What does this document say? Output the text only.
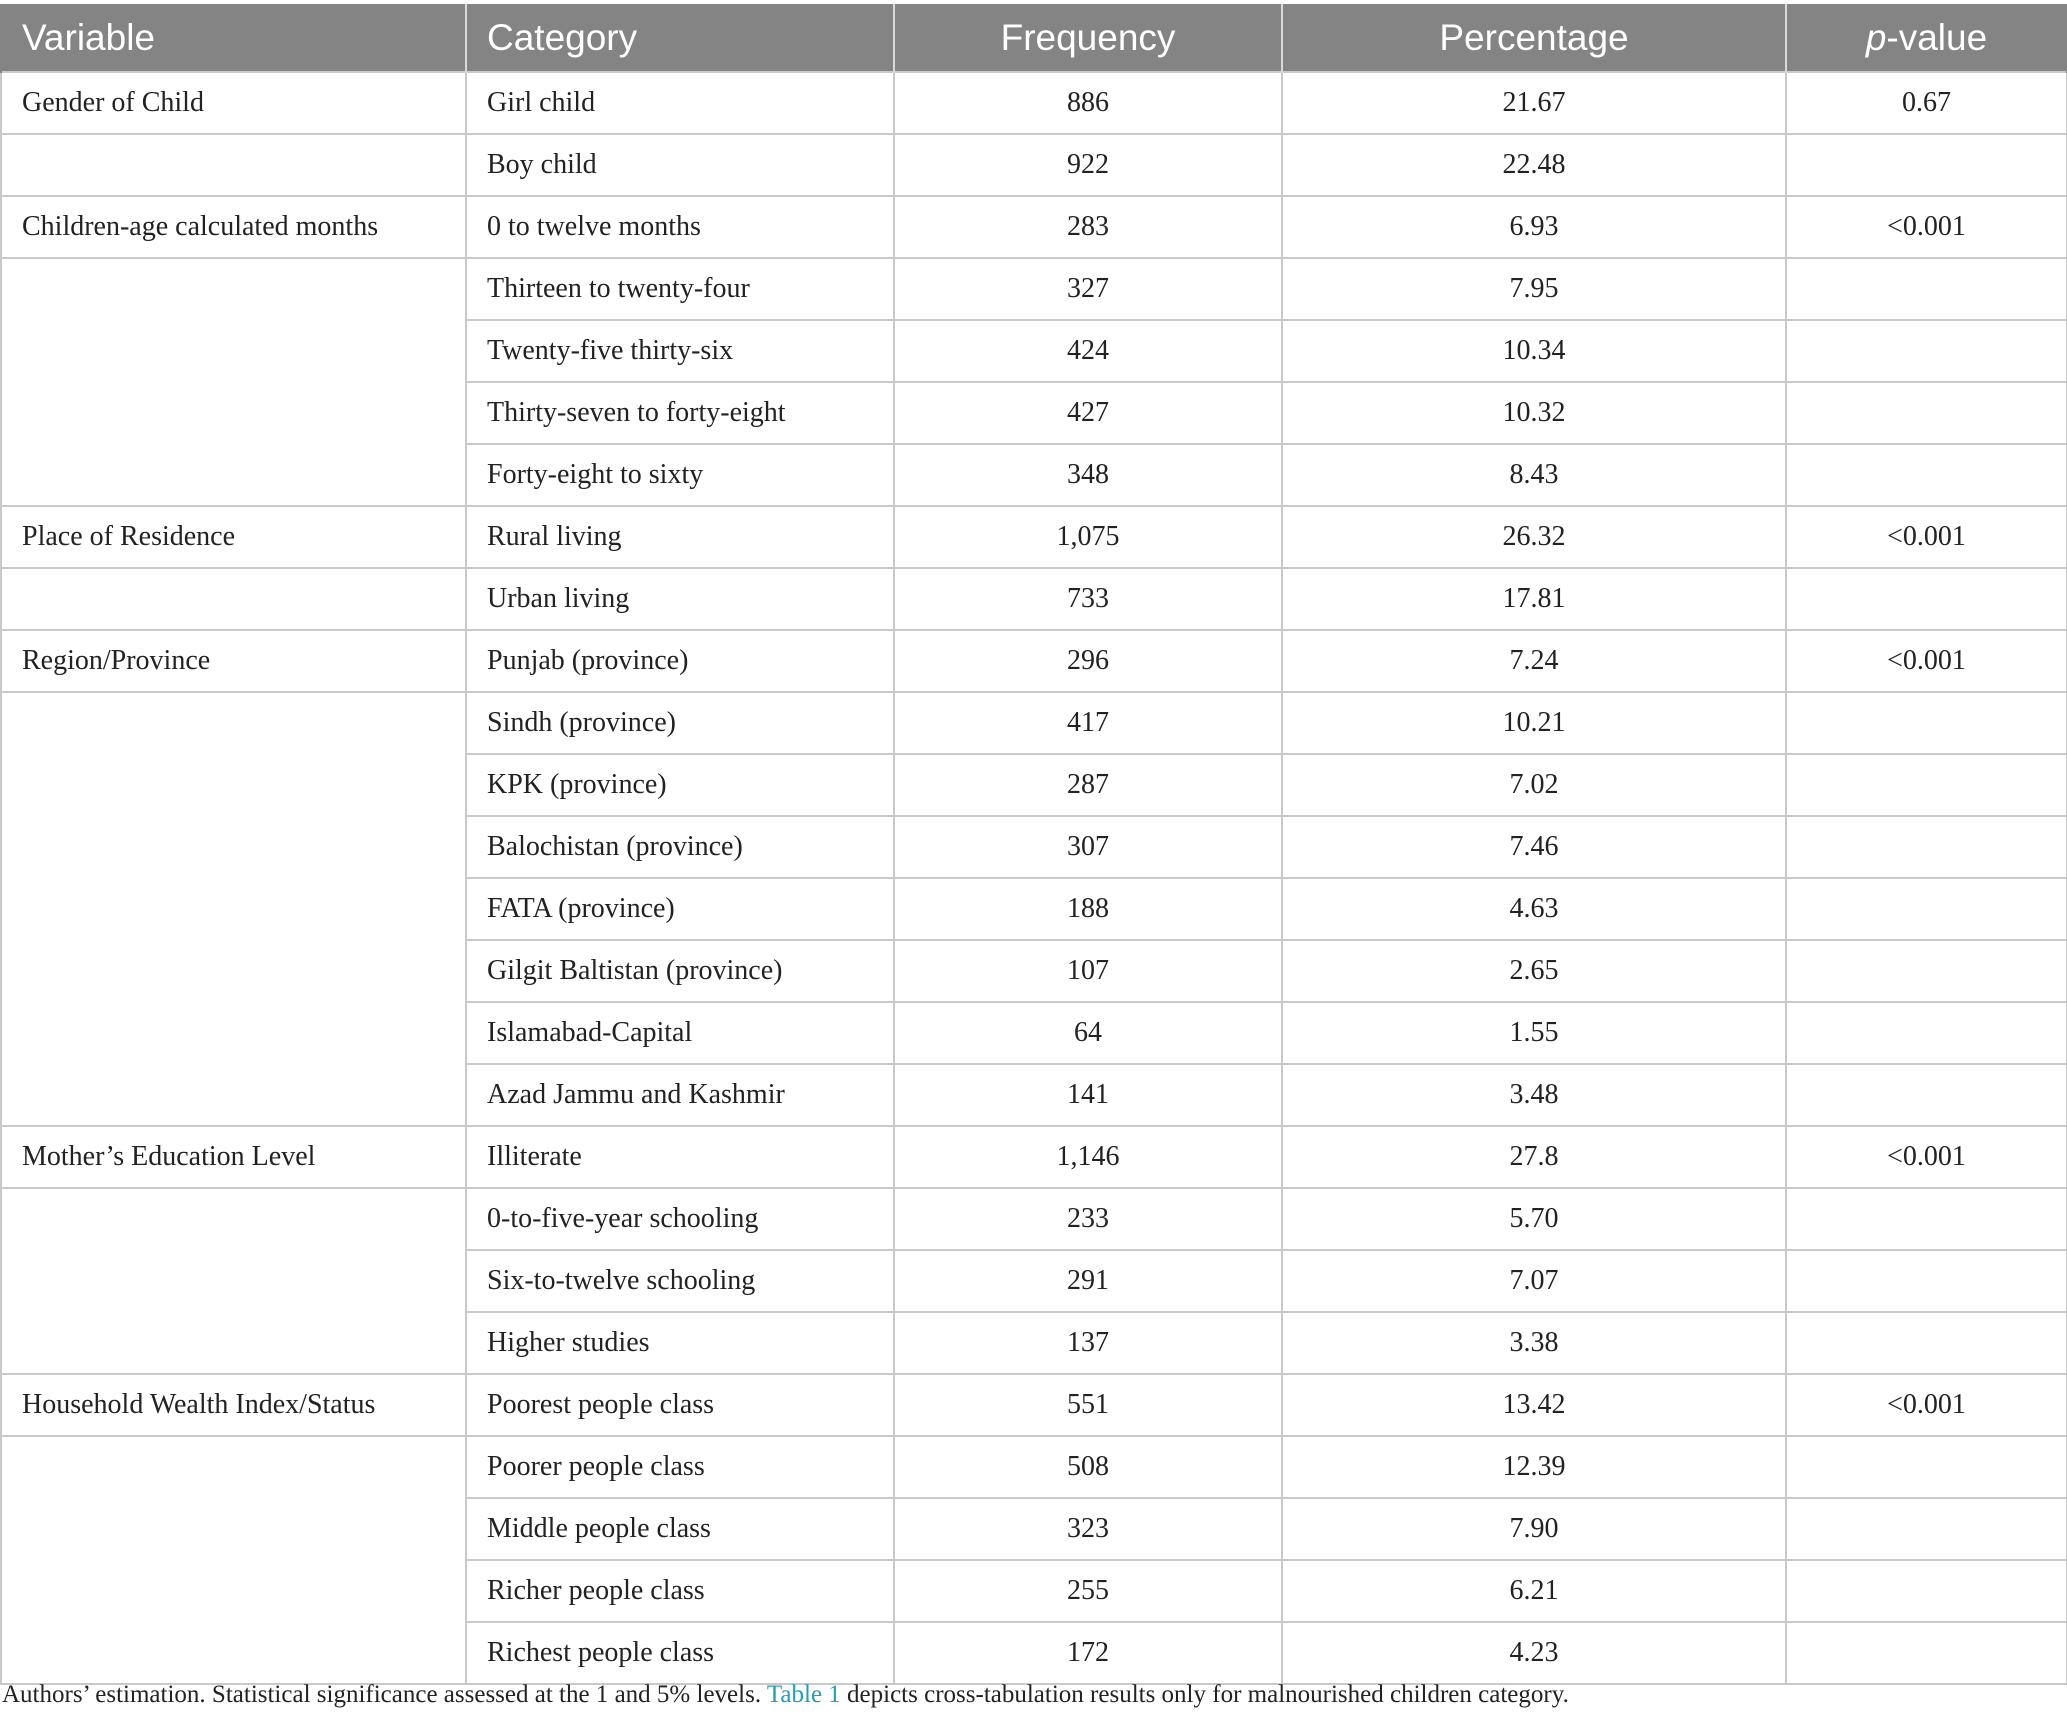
Variable	Category	Frequency	Percentage	p-value
Gender of Child	Girl child	886	21.67	0.67
	Boy child	922	22.48	
Children-age calculated months	0 to twelve months	283	6.93	<0.001
	Thirteen to twenty-four	327	7.95	
	Twenty-five thirty-six	424	10.34	
	Thirty-seven to forty-eight	427	10.32	
	Forty-eight to sixty	348	8.43	
Place of Residence	Rural living	1,075	26.32	<0.001
	Urban living	733	17.81	
Region/Province	Punjab (province)	296	7.24	<0.001
	Sindh (province)	417	10.21	
	KPK (province)	287	7.02	
	Balochistan (province)	307	7.46	
	FATA (province)	188	4.63	
	Gilgit Baltistan (province)	107	2.65	
	Islamabad-Capital	64	1.55	
	Azad Jammu and Kashmir	141	3.48	
Mother’s Education Level	Illiterate	1,146	27.8	<0.001
	0-to-five-year schooling	233	5.70	
	Six-to-twelve schooling	291	7.07	
	Higher studies	137	3.38	
Household Wealth Index/Status	Poorest people class	551	13.42	<0.001
	Poorer people class	508	12.39	
	Middle people class	323	7.90	
	Richer people class	255	6.21	
	Richest people class	172	4.23	
Authors’ estimation. Statistical significance assessed at the 1 and 5% levels. Table 1 depicts cross-tabulation results only for malnourished children category.
